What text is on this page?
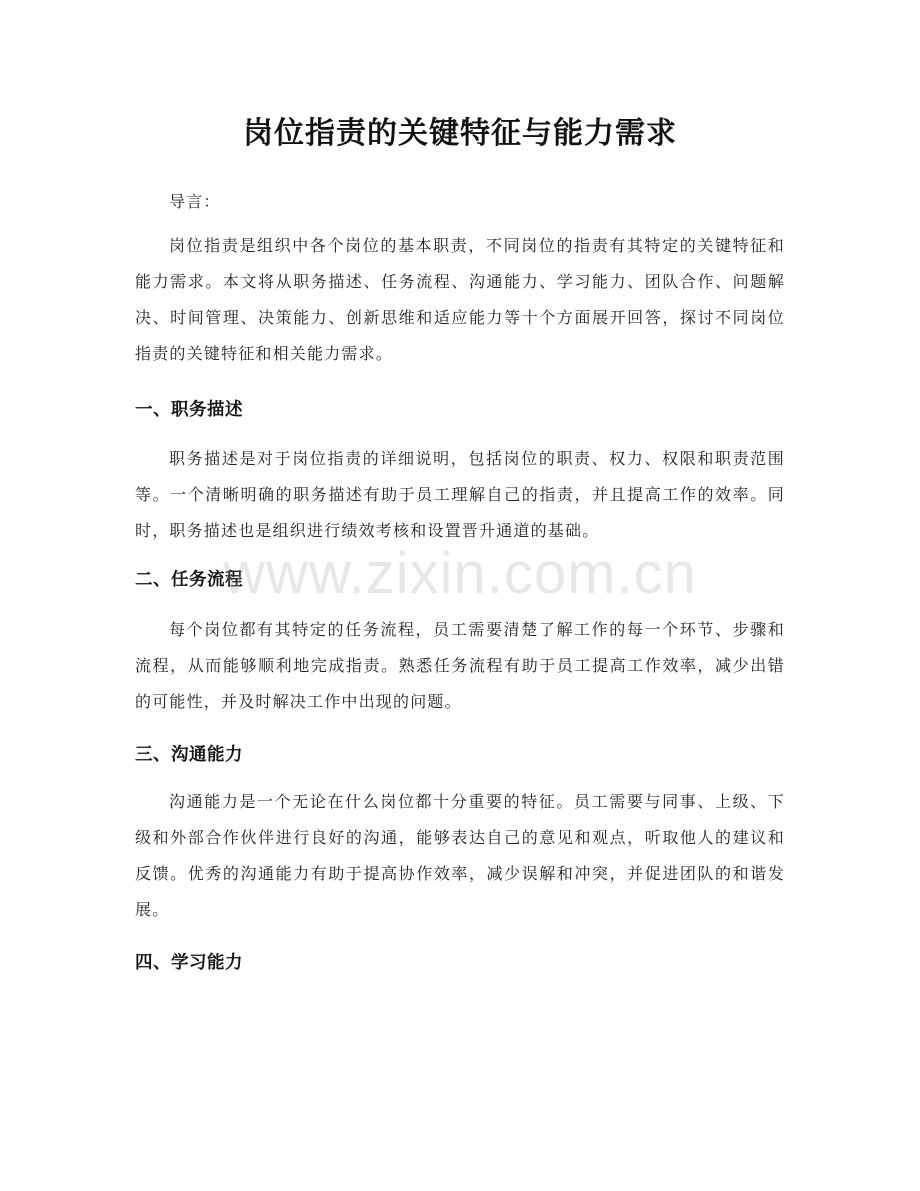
岗位指责的关键特征与能力需求

导言：

岗位指责是组织中各个岗位的基本职责，不同岗位的指责有其特定的关键特征和能力需求。本文将从职务描述、任务流程、沟通能力、学习能力、团队合作、问题解决、时间管理、决策能力、创新思维和适应能力等十个方面展开回答，探讨不同岗位指责的关键特征和相关能力需求。

一、职务描述

职务描述是对于岗位指责的详细说明，包括岗位的职责、权力、权限和职责范围等。一个清晰明确的职务描述有助于员工理解自己的指责，并且提高工作的效率。同时，职务描述也是组织进行绩效考核和设置晋升通道的基础。

二、任务流程

每个岗位都有其特定的任务流程，员工需要清楚了解工作的每一个环节、步骤和流程，从而能够顺利地完成指责。熟悉任务流程有助于员工提高工作效率，减少出错的可能性，并及时解决工作中出现的问题。

三、沟通能力

沟通能力是一个无论在什么岗位都十分重要的特征。员工需要与同事、上级、下级和外部合作伙伴进行良好的沟通，能够表达自己的意见和观点，听取他人的建议和反馈。优秀的沟通能力有助于提高协作效率，减少误解和冲突，并促进团队的和谐发展。

四、学习能力
www.zixin.com.cn
